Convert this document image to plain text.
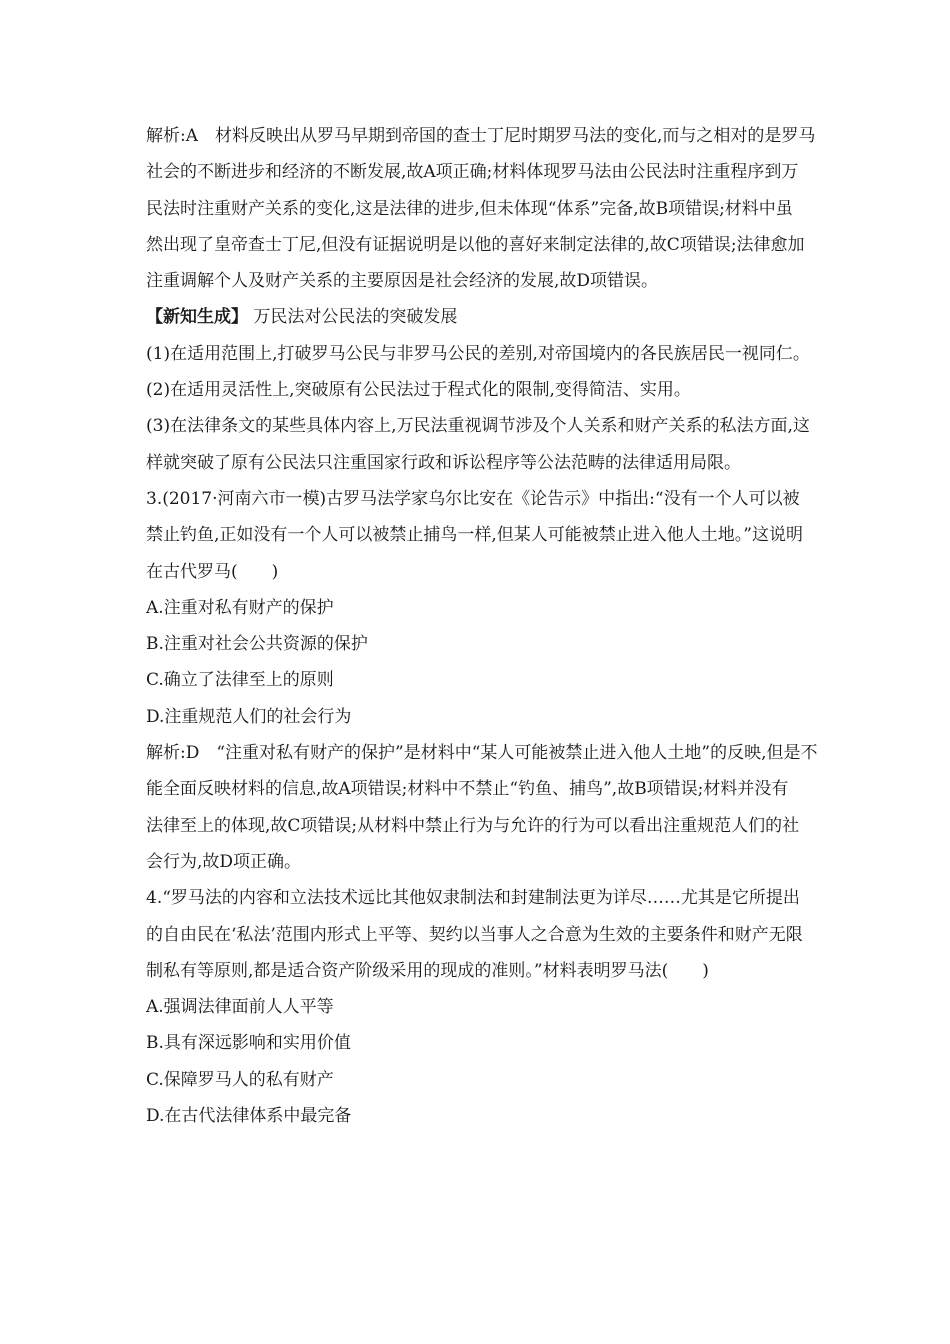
解析:A　材料反映出从罗马早期到帝国的查士丁尼时期罗马法的变化,而与之相对的是罗马
社会的不断进步和经济的不断发展,故A项正确;材料体现罗马法由公民法时注重程序到万
民法时注重财产关系的变化,这是法律的进步,但未体现“体系”完备,故B项错误;材料中虽
然出现了皇帝查士丁尼,但没有证据说明是以他的喜好来制定法律的,故C项错误;法律愈加
注重调解个人及财产关系的主要原因是社会经济的发展,故D项错误。
【新知生成】 万民法对公民法的突破发展
(1)在适用范围上,打破罗马公民与非罗马公民的差别,对帝国境内的各民族居民一视同仁。
(2)在适用灵活性上,突破原有公民法过于程式化的限制,变得简洁、实用。
(3)在法律条文的某些具体内容上,万民法重视调节涉及个人关系和财产关系的私法方面,这
样就突破了原有公民法只注重国家行政和诉讼程序等公法范畴的法律适用局限。
3.(2017·河南六市一模)古罗马法学家乌尔比安在《论告示》中指出:“没有一个人可以被
禁止钓鱼,正如没有一个人可以被禁止捕鸟一样,但某人可能被禁止进入他人土地。”这说明
在古代罗马(　　)
A.注重对私有财产的保护
B.注重对社会公共资源的保护
C.确立了法律至上的原则
D.注重规范人们的社会行为
解析:D　“注重对私有财产的保护”是材料中“某人可能被禁止进入他人土地”的反映,但是不
能全面反映材料的信息,故A项错误;材料中不禁止“钓鱼、捕鸟”,故B项错误;材料并没有
法律至上的体现,故C项错误;从材料中禁止行为与允许的行为可以看出注重规范人们的社
会行为,故D项正确。
4.“罗马法的内容和立法技术远比其他奴隶制法和封建制法更为详尽……尤其是它所提出
的自由民在‘私法’范围内形式上平等、契约以当事人之合意为生效的主要条件和财产无限
制私有等原则,都是适合资产阶级采用的现成的准则。”材料表明罗马法(　　)
A.强调法律面前人人平等
B.具有深远影响和实用价值
C.保障罗马人的私有财产
D.在古代法律体系中最完备
